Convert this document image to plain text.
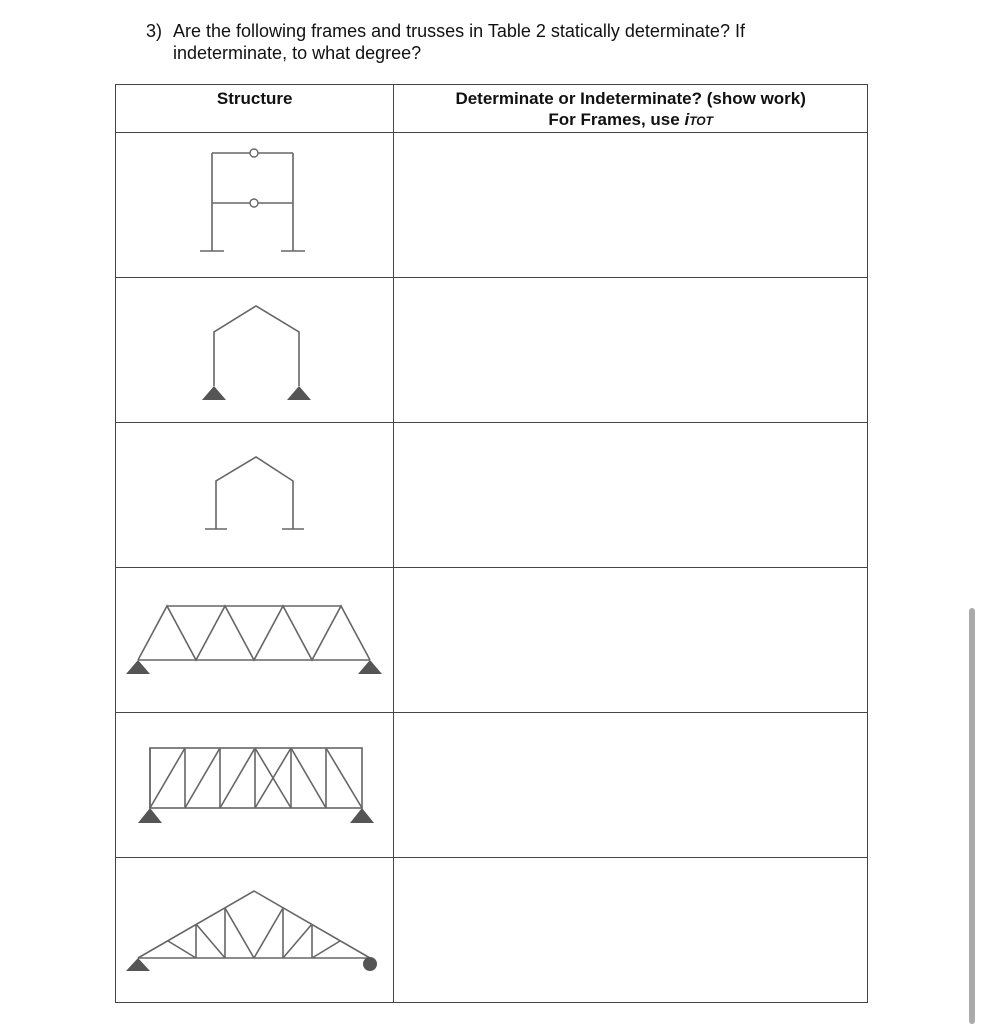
3) Are the following frames and trusses in Table 2 statically determinate? If indeterminate, to what degree?
Structure	Determinate or Indeterminate? (show work)
For Frames, use iTOT
